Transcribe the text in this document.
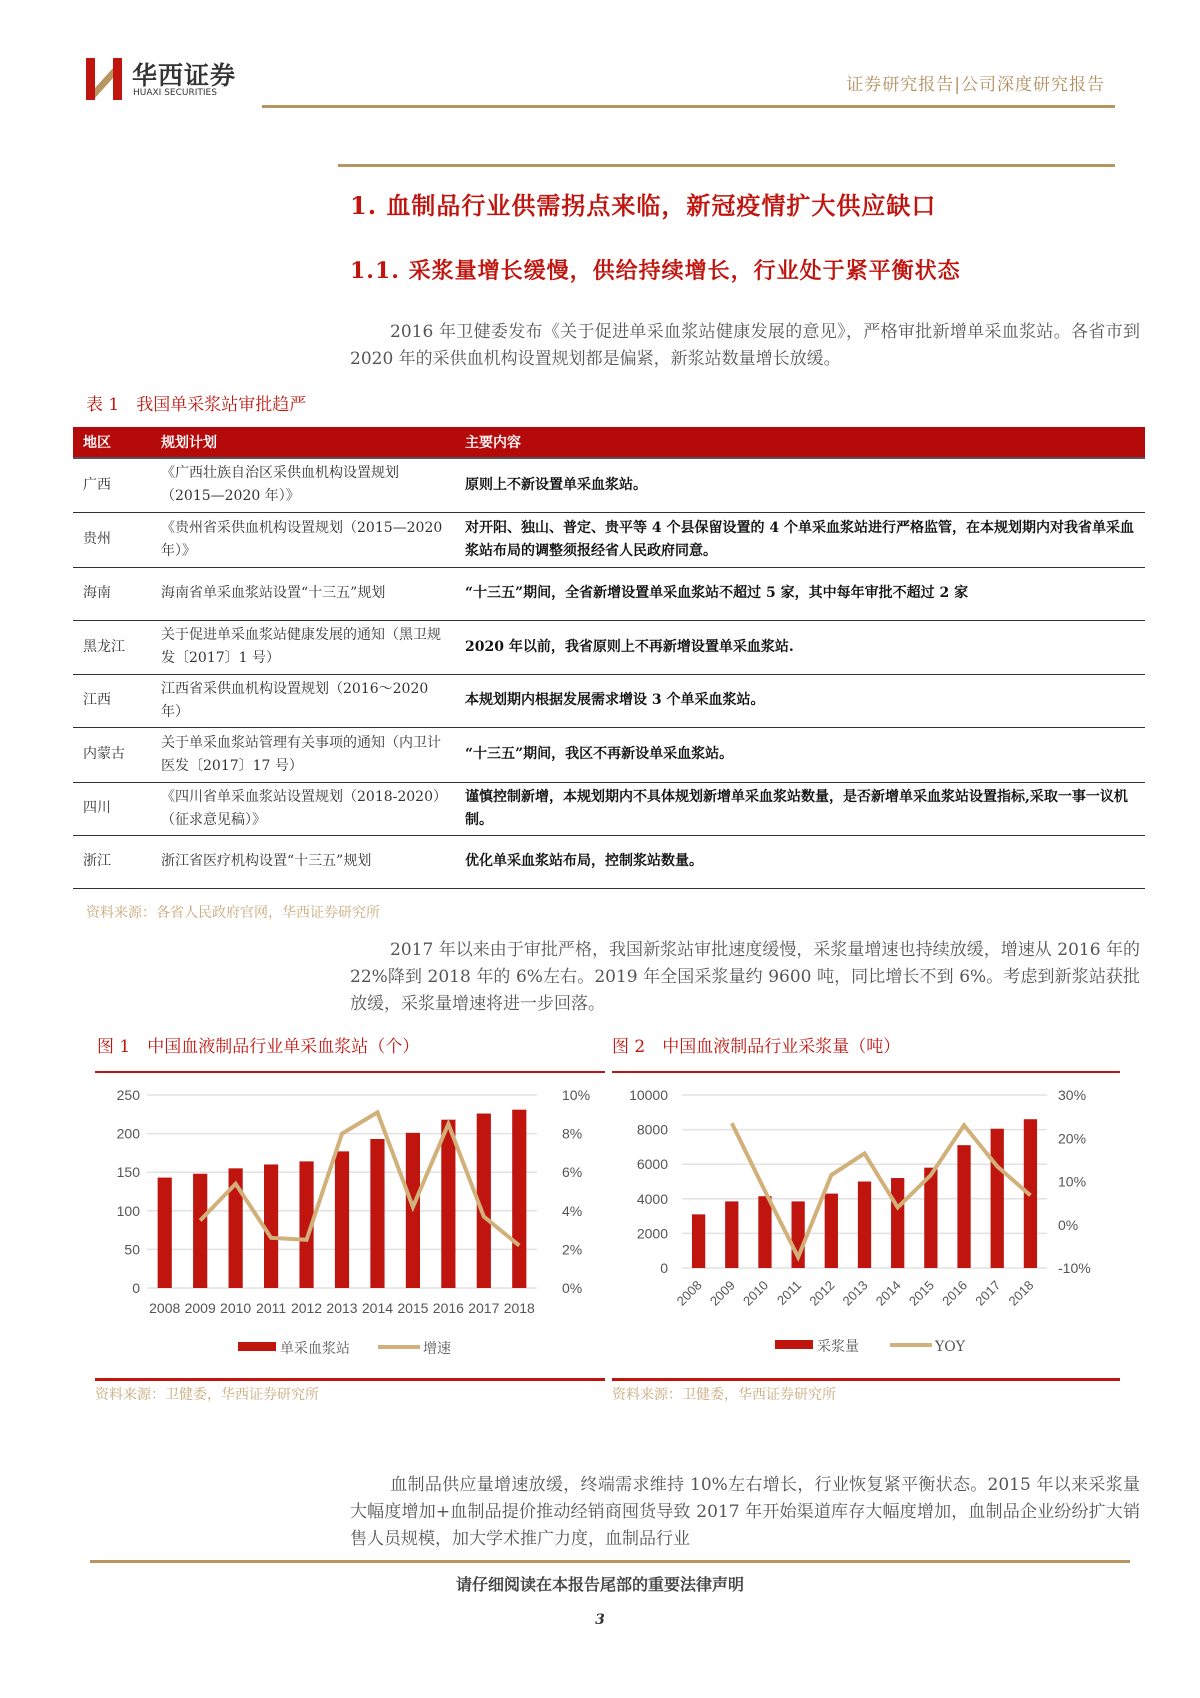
华西证券
HUAXI SECURITIES	证券研究报告|公司深度研究报告
1. 血制品行业供需拐点来临，新冠疫情扩大供应缺口
1.1. 采浆量增长缓慢，供给持续增长，行业处于紧平衡状态
2016 年卫健委发布《关于促进单采血浆站健康发展的意见》，严格审批新增单采血浆站。各省市到 2020 年的采供血机构设置规划都是偏紧，新浆站数量增长放缓。
表 1　我国单采浆站审批趋严
地区	规划计划	主要内容
广西	《广西壮族自治区采供血机构设置规划（2015—2020 年）》	原则上不新设置单采血浆站。
贵州	《贵州省采供血机构设置规划（2015—2020 年）》	对开阳、独山、普定、贵平等 4 个县保留设置的 4 个单采血浆站进行严格监管，在本规划期内对我省单采血浆站布局的调整须报经省人民政府同意。
海南	海南省单采血浆站设置“十三五”规划	“十三五”期间，全省新增设置单采血浆站不超过 5 家，其中每年审批不超过 2 家
黑龙江	关于促进单采血浆站健康发展的通知（黑卫规发〔2017〕1 号）	2020 年以前，我省原则上不再新增设置单采血浆站.
江西	江西省采供血机构设置规划（2016～2020 年）	本规划期内根据发展需求增设 3 个单采血浆站。
内蒙古	关于单采血浆站管理有关事项的通知（内卫计医发〔2017〕17 号）	“十三五”期间，我区不再新设单采血浆站。
四川	《四川省单采血浆站设置规划（2018-2020）（征求意见稿）》	谨慎控制新增，本规划期内不具体规划新增单采血浆站数量，是否新增单采血浆站设置指标,采取一事一议机制。
浙江	浙江省医疗机构设置“十三五”规划	优化单采血浆站布局，控制浆站数量。
资料来源：各省人民政府官网，华西证券研究所
2017 年以来由于审批严格，我国新浆站审批速度缓慢，采浆量增速也持续放缓，增速从 2016 年的 22%降到 2018 年的 6%左右。2019 年全国采浆量约 9600 吨，同比增长不到 6%。考虑到新浆站获批放缓，采浆量增速将进一步回落。
图 1　中国血液制品行业单采血浆站（个）	图 2　中国血液制品行业采浆量（吨）
0
50
100
150
200
250
0%
2%
4%
6%
8%
10%
2008 2009 2010 2011 2012 2013 2014 2015 2016 2017 2018
单采血浆站	增速
0
2000
4000
6000
8000
10000
-10%
0%
10%
20%
30%
2008 2009 2010 2011 2012 2013 2014 2015 2016 2017 2018
采浆量	YOY
资料来源：卫健委，华西证券研究所	资料来源：卫健委，华西证券研究所
血制品供应量增速放缓，终端需求维持 10%左右增长，行业恢复紧平衡状态。2015 年以来采浆量大幅度增加+血制品提价推动经销商囤货导致 2017 年开始渠道库存大幅度增加，血制品企业纷纷扩大销售人员规模，加大学术推广力度，血制品行业
请仔细阅读在本报告尾部的重要法律声明
3
